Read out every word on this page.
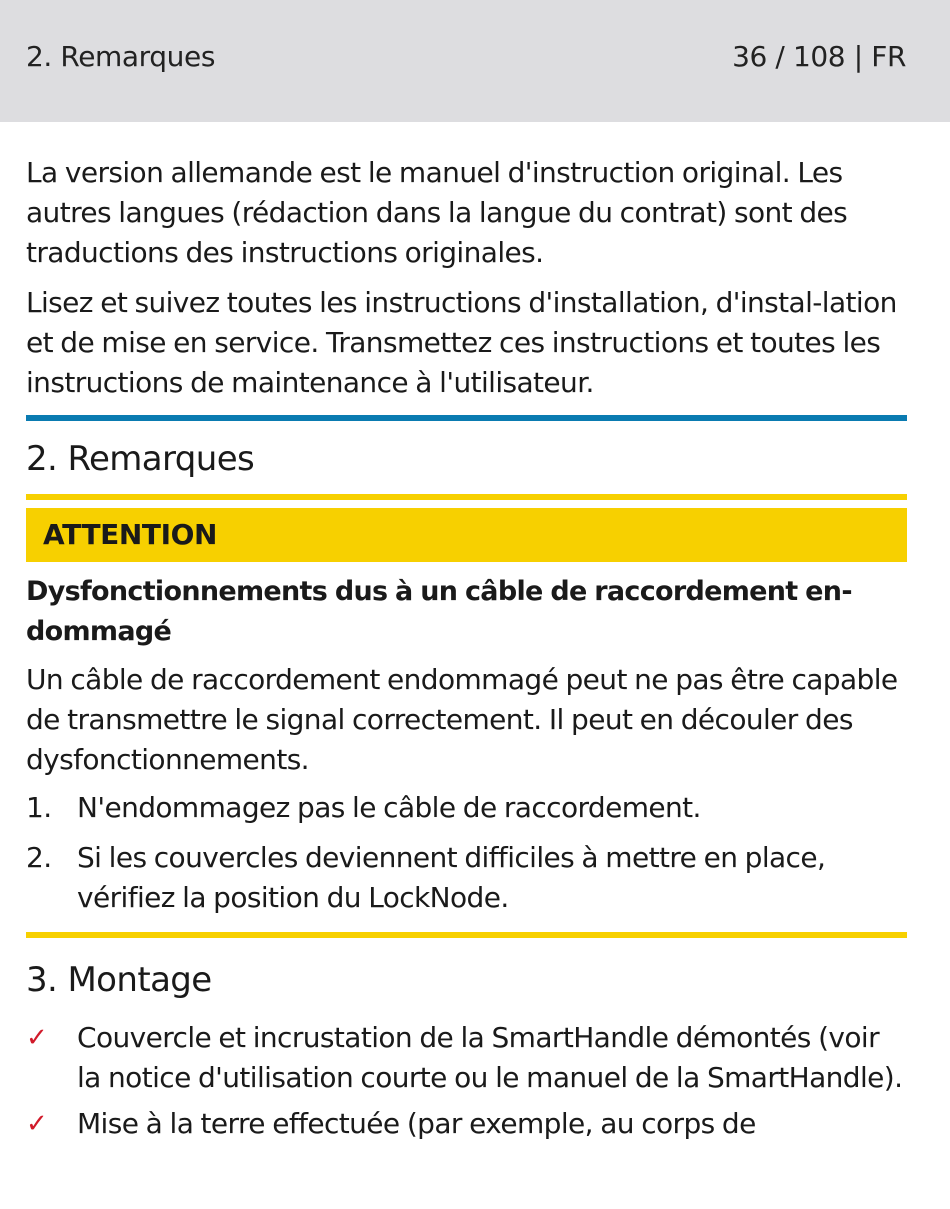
2. Remarques	36 / 108 | FR

La version allemande est le manuel d'instruction original. Les autres langues (rédaction dans la langue du contrat) sont des traductions des instructions originales.

Lisez et suivez toutes les instructions d'installation, d'instal-lation et de mise en service. Transmettez ces instructions et toutes les instructions de maintenance à l'utilisateur.

2. Remarques
ATTENTION
Dysfonctionnements dus à un câble de raccordement en-dommagé

Un câble de raccordement endommagé peut ne pas être capable de transmettre le signal correctement. Il peut en découler des dysfonctionnements.

1. N'endommagez pas le câble de raccordement.
2. Si les couvercles deviennent difficiles à mettre en place, vérifiez la position du LockNode.
3. Montage
✓ Couvercle et incrustation de la SmartHandle démontés (voir la notice d'utilisation courte ou le manuel de la SmartHandle).
✓ Mise à la terre effectuée (par exemple, au corps de
